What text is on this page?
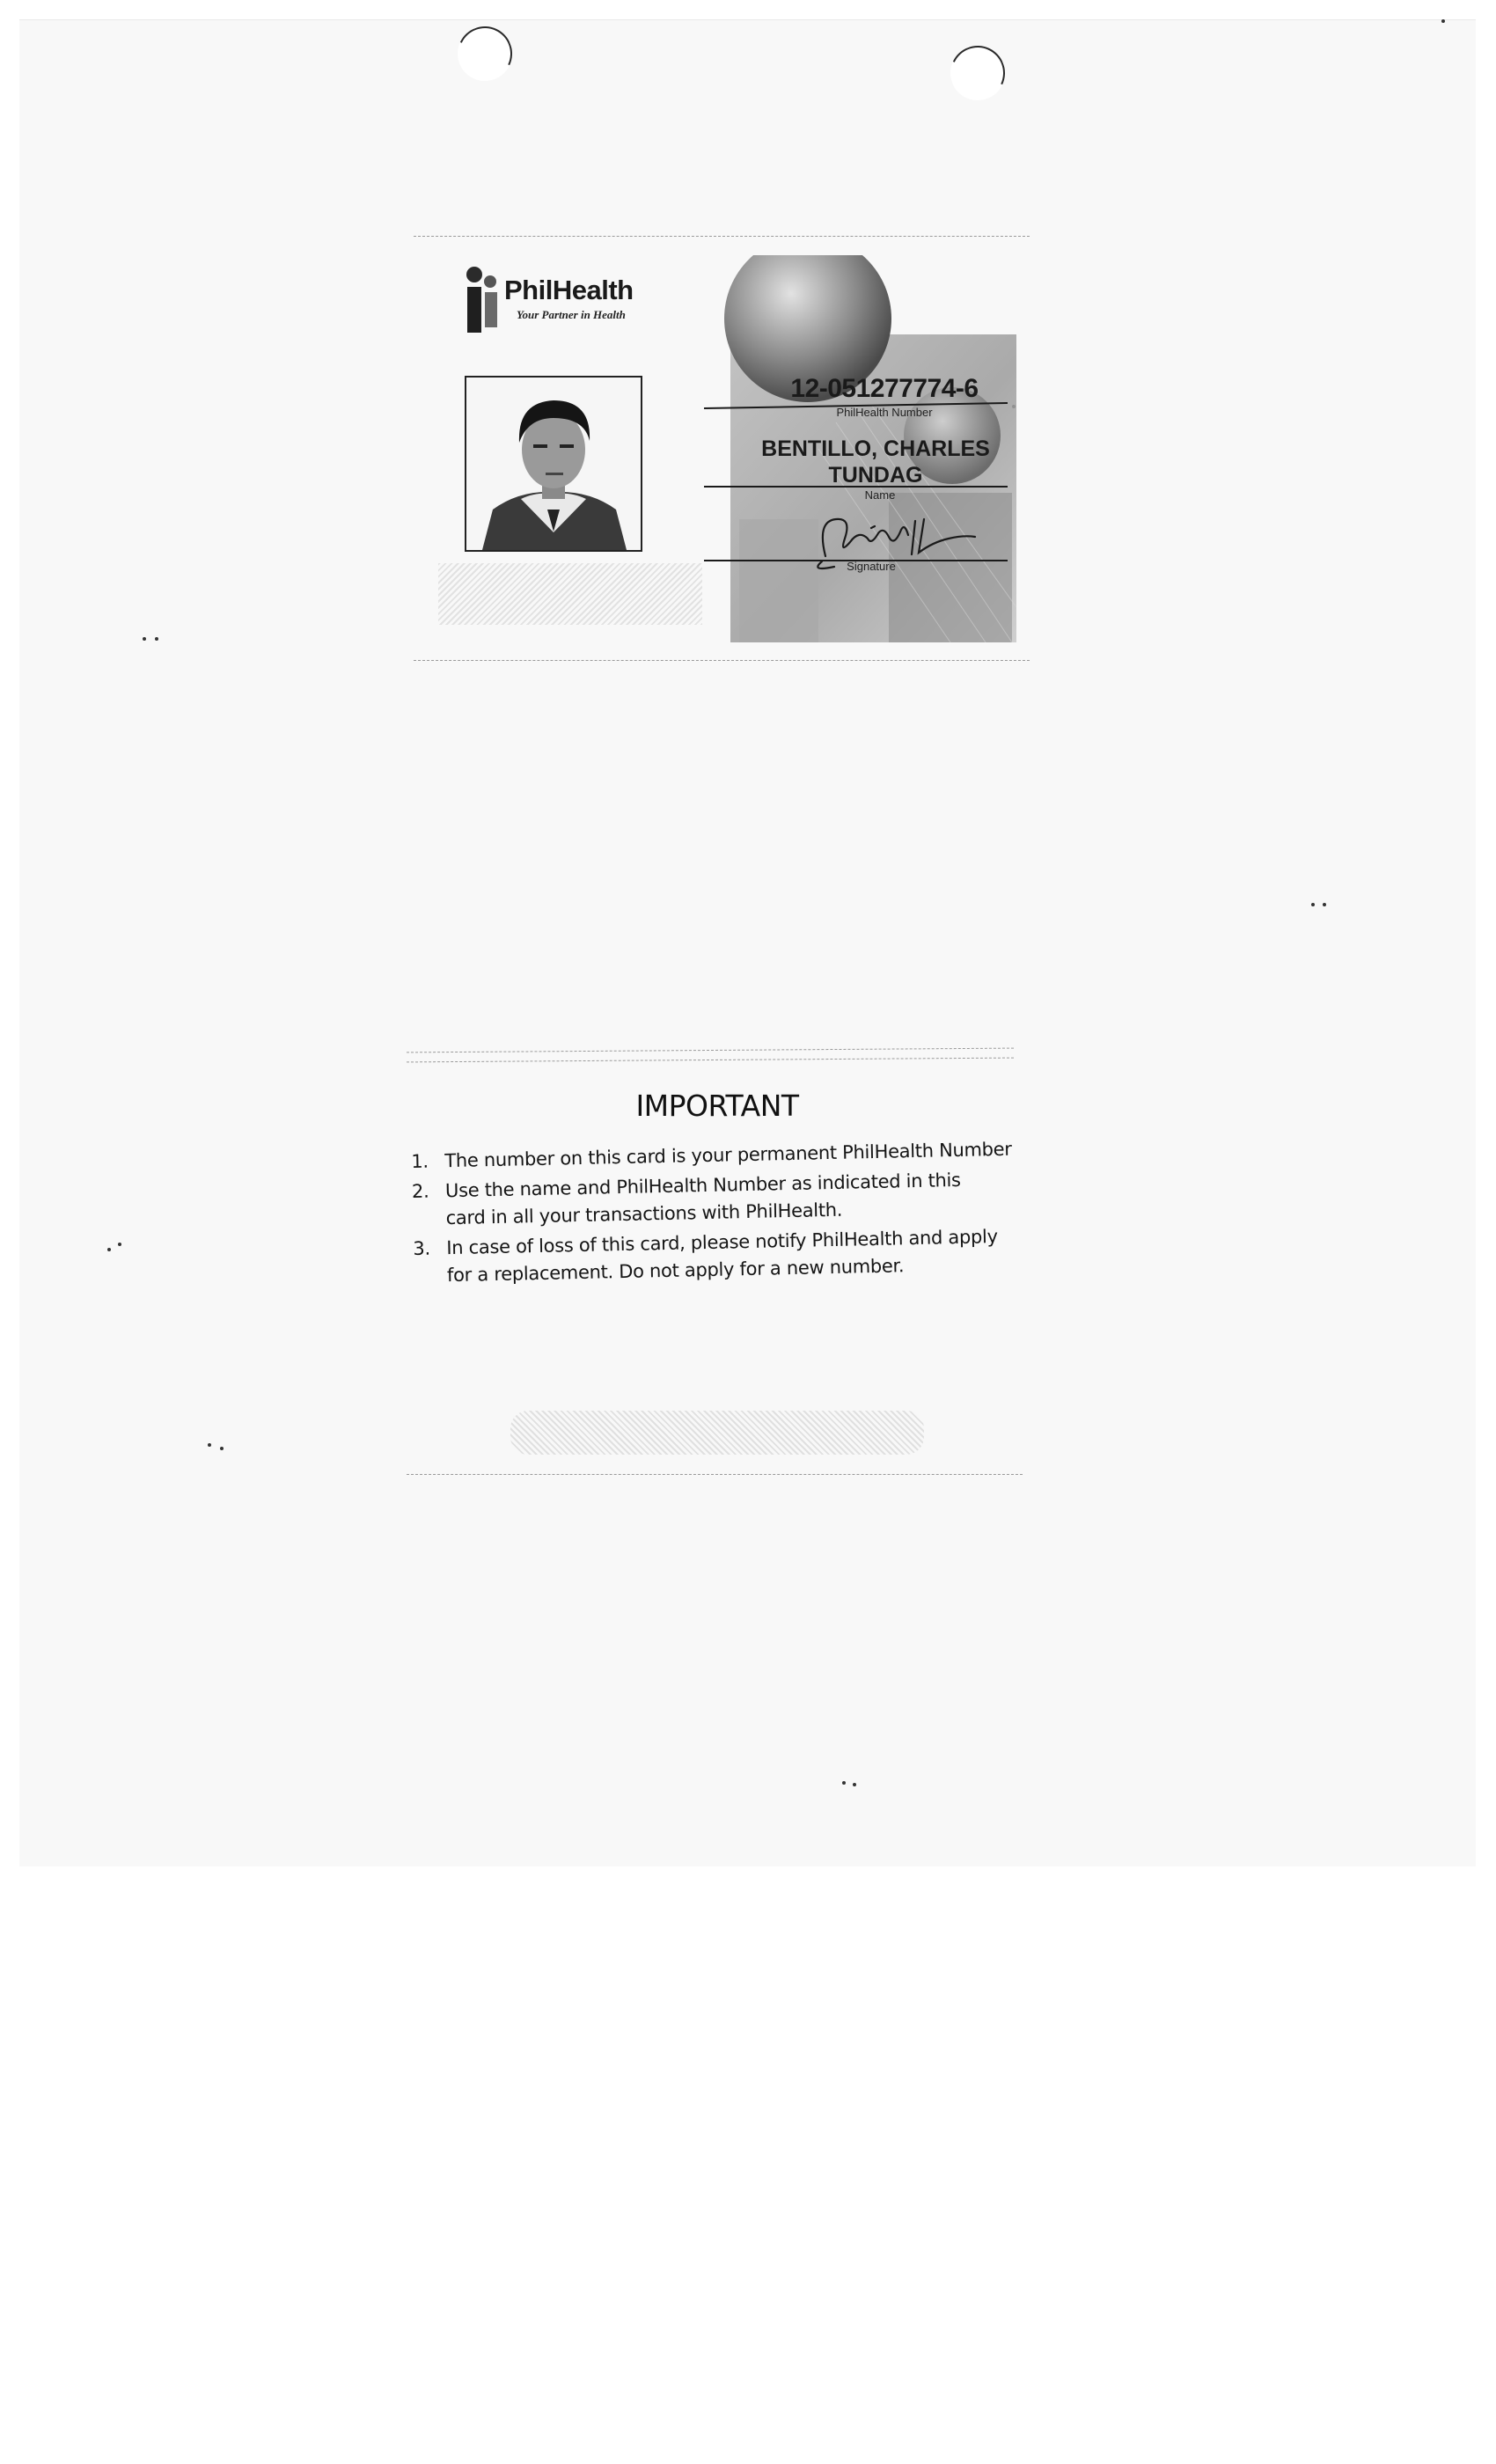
PhilHealth
Your Partner in Health
12-051277774-6
PhilHealth Number
BENTILLO, CHARLES TUNDAG
Name
Signature
IMPORTANT
1. The number on this card is your permanent PhilHealth Number
2. Use the name and PhilHealth Number as indicated in this card in all your transactions with PhilHealth.
3. In case of loss of this card, please notify PhilHealth and apply for a replacement. Do not apply for a new number.
